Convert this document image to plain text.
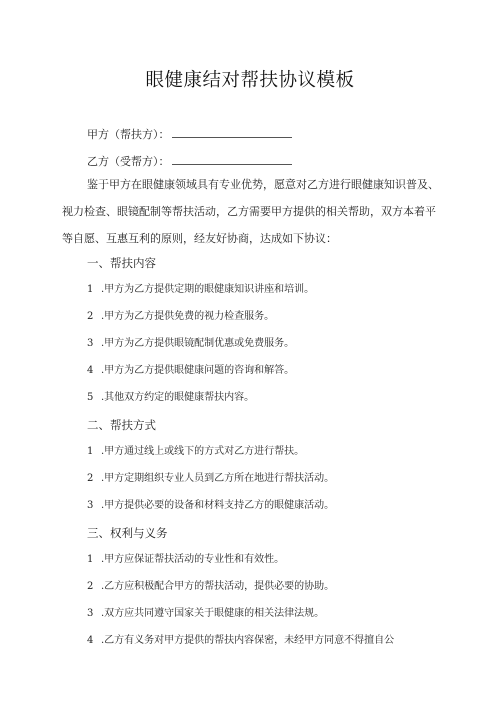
眼健康结对帮扶协议模板
甲方（帮扶方）：
乙方（受帮方）：
鉴于甲方在眼健康领域具有专业优势，愿意对乙方进行眼健康知识普及、
视力检查、眼镜配制等帮扶活动，乙方需要甲方提供的相关帮助，双方本着平
等自愿、互惠互利的原则，经友好协商，达成如下协议：
一、帮扶内容
1 .甲方为乙方提供定期的眼健康知识讲座和培训。
2 .甲方为乙方提供免费的视力检查服务。
3 .甲方为乙方提供眼镜配制优惠或免费服务。
4 .甲方为乙方提供眼健康问题的咨询和解答。
5 .其他双方约定的眼健康帮扶内容。
二、帮扶方式
1 .甲方通过线上或线下的方式对乙方进行帮扶。
2 .甲方定期组织专业人员到乙方所在地进行帮扶活动。
3 .甲方提供必要的设备和材料支持乙方的眼健康活动。
三、权利与义务
1 .甲方应保证帮扶活动的专业性和有效性。
2 .乙方应积极配合甲方的帮扶活动，提供必要的协助。
3 .双方应共同遵守国家关于眼健康的相关法律法规。
4 .乙方有义务对甲方提供的帮扶内容保密，未经甲方同意不得擅自公
